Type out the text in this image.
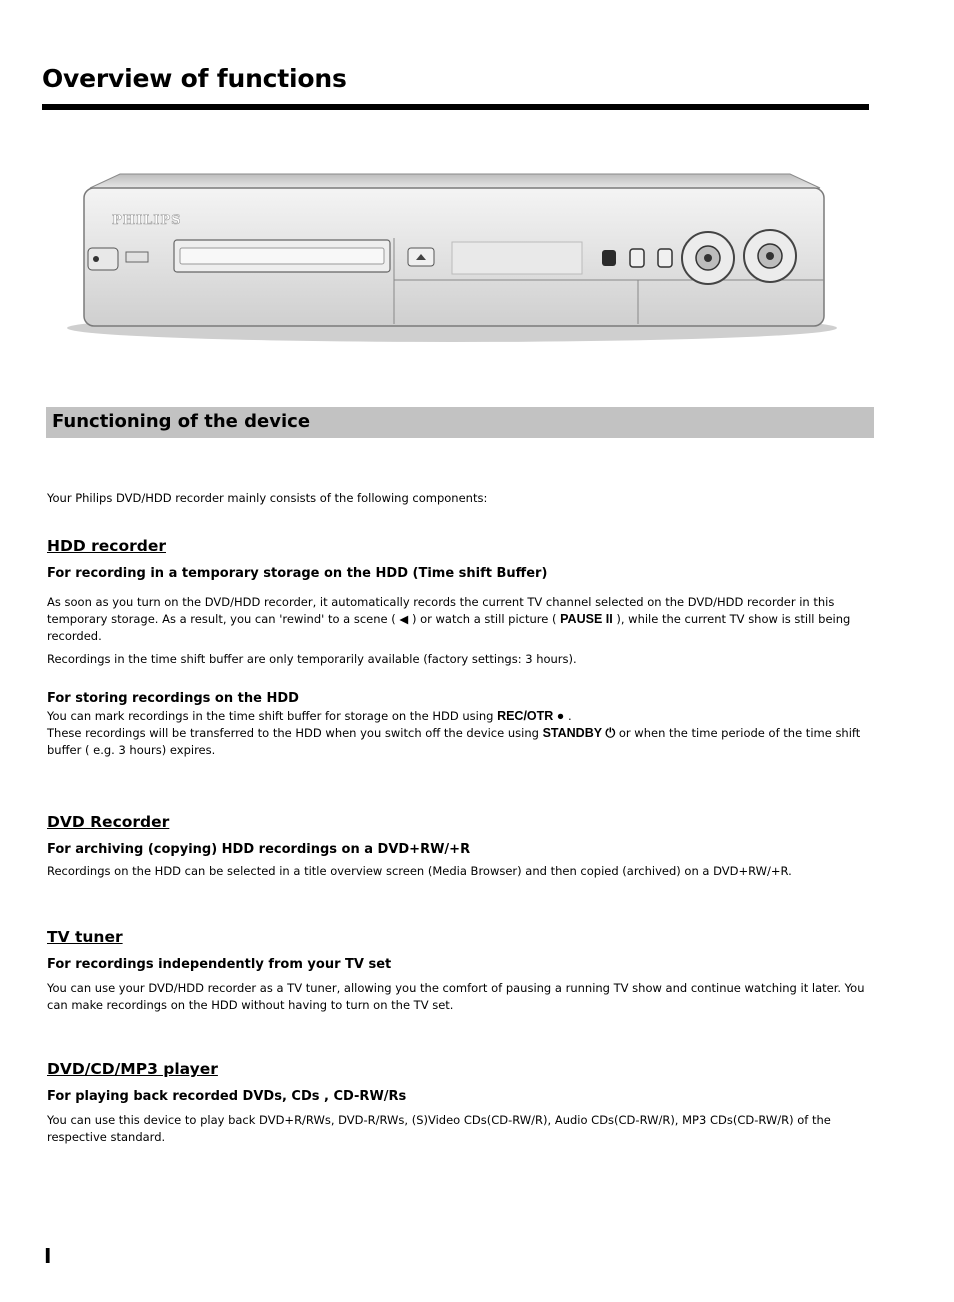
Overview of functions
PHILIPS
Functioning of the device

Your Philips DVD/HDD recorder mainly consists of the following components:

HDD recorder
For recording in a temporary storage on the HDD (Time shift Buffer)

As soon as you turn on the DVD/HDD recorder, it automatically records the current TV channel selected on the DVD/HDD recorder in this temporary storage. As a result, you can 'rewind' to a scene ( ◀ ) or watch a still picture ( PAUSE II ), while the current TV show is still being recorded.

Recordings in the time shift buffer are only temporarily available (factory settings: 3 hours).

For storing recordings on the HDD

You can mark recordings in the time shift buffer for storage on the HDD using REC/OTR ● .

These recordings will be transferred to the HDD when you switch off the device using STANDBY ⏻ or when the time periode of the time shift buffer ( e.g. 3 hours) expires.

DVD Recorder
For archiving (copying) HDD recordings on a DVD+RW/+R

Recordings on the HDD can be selected in a title overview screen (Media Browser) and then copied (archived) on a DVD+RW/+R.

TV tuner
For recordings independently from your TV set

You can use your DVD/HDD recorder as a TV tuner, allowing you the comfort of pausing a running TV show and continue watching it later. You can make recordings on the HDD without having to turn on the TV set.

DVD/CD/MP3 player
For playing back recorded DVDs, CDs , CD-RW/Rs

You can use this device to play back DVD+R/RWs, DVD-R/RWs, (S)Video CDs(CD-RW/R), Audio CDs(CD-RW/R), MP3 CDs(CD-RW/R) of the respective standard.

I
